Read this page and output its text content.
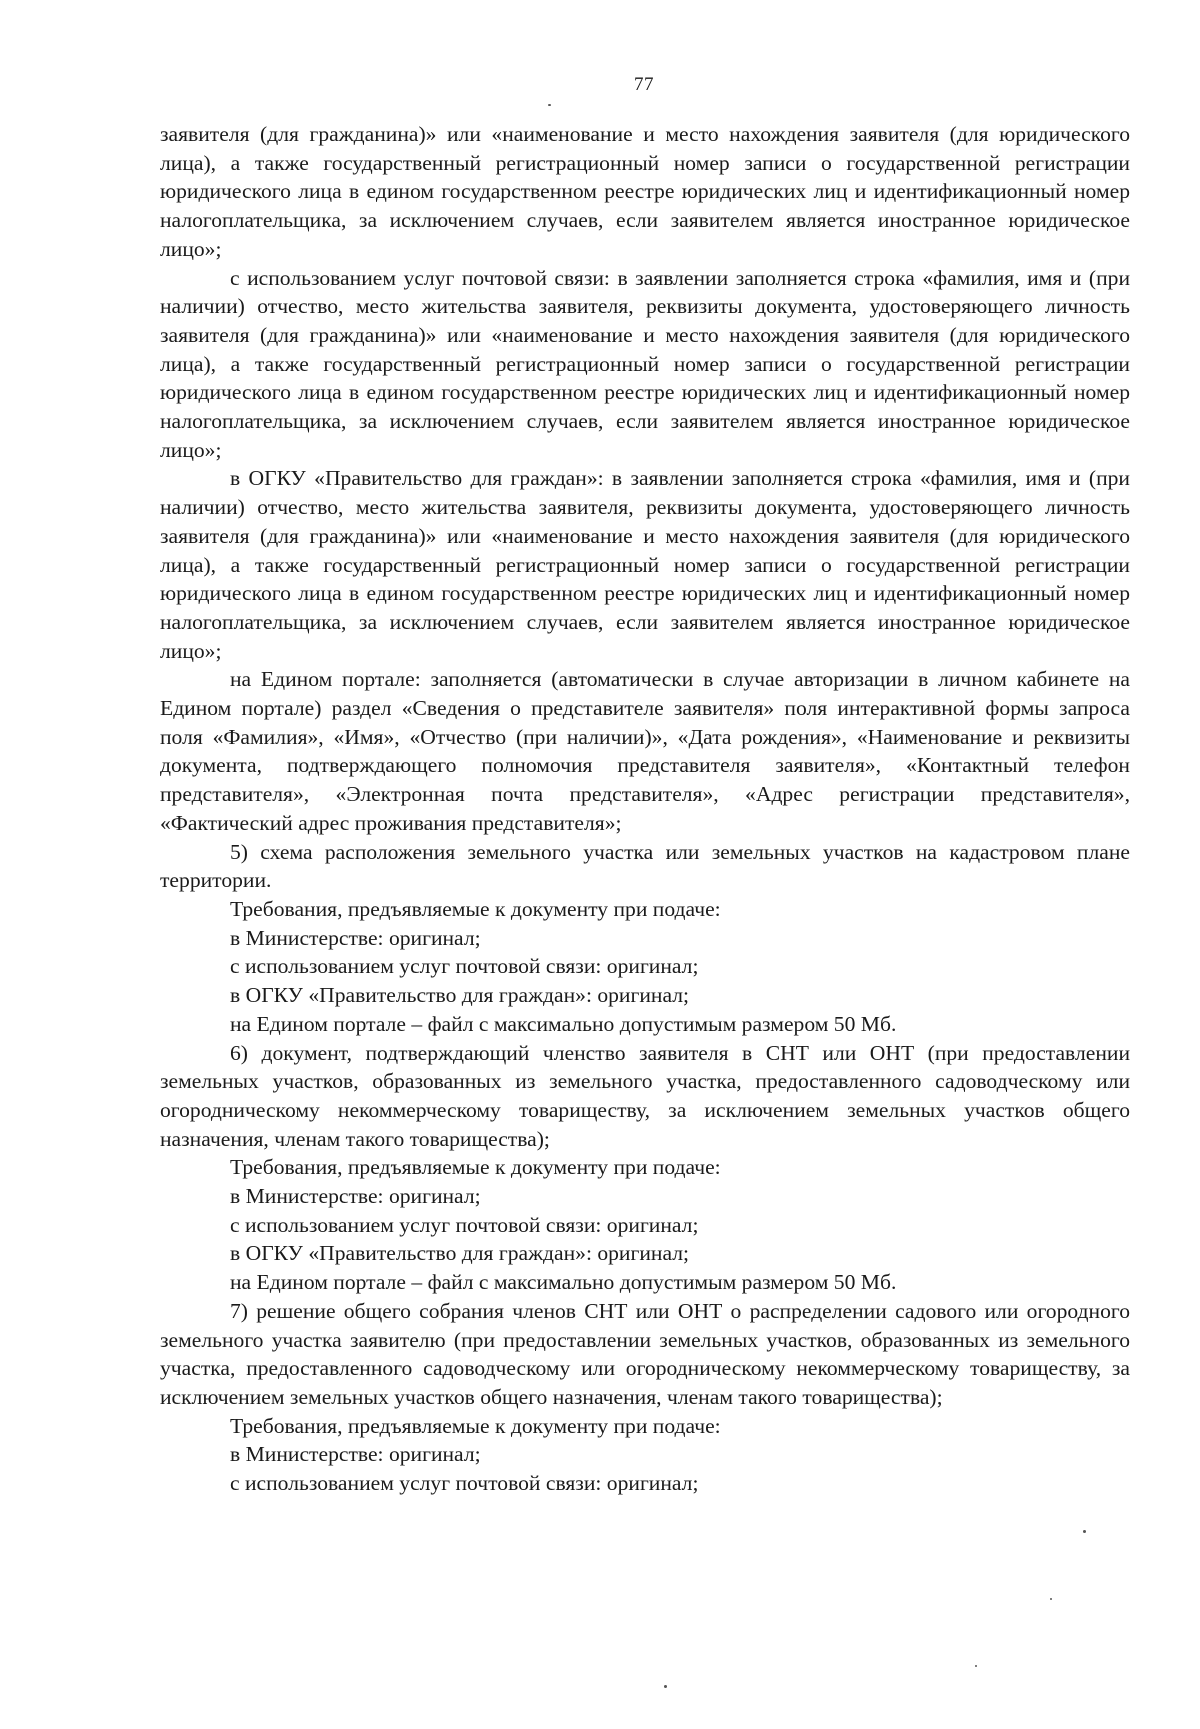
77

заявителя (для гражданина)» или «наименование и место нахождения заявителя (для юридического лица), а также государственный регистрационный номер записи о государственной регистрации юридического лица в едином государственном реестре юридических лиц и идентификационный номер налогоплательщика, за исключением случаев, если заявителем является иностранное юридическое лицо»;

с использованием услуг почтовой связи: в заявлении заполняется строка «фамилия, имя и (при наличии) отчество, место жительства заявителя, реквизиты документа, удостоверяющего личность заявителя (для гражданина)» или «наименование и место нахождения заявителя (для юридического лица), а также государственный регистрационный номер записи о государственной регистрации юридического лица в едином государственном реестре юридических лиц и идентификационный номер налогоплательщика, за исключением случаев, если заявителем является иностранное юридическое лицо»;

в ОГКУ «Правительство для граждан»: в заявлении заполняется строка «фамилия, имя и (при наличии) отчество, место жительства заявителя, реквизиты документа, удостоверяющего личность заявителя (для гражданина)» или «наименование и место нахождения заявителя (для юридического лица), а также государственный регистрационный номер записи о государственной регистрации юридического лица в едином государственном реестре юридических лиц и идентификационный номер налогоплательщика, за исключением случаев, если заявителем является иностранное юридическое лицо»;

на Едином портале: заполняется (автоматически в случае авторизации в личном кабинете на Едином портале) раздел «Сведения о представителе заявителя» поля интерактивной формы запроса поля «Фамилия», «Имя», «Отчество (при наличии)», «Дата рождения», «Наименование и реквизиты документа, подтверждающего полномочия представителя заявителя», «Контактный телефон представителя», «Электронная почта представителя», «Адрес регистрации представителя», «Фактический адрес проживания представителя»;

5) схема расположения земельного участка или земельных участков на кадастровом плане территории.

Требования, предъявляемые к документу при подаче:

в Министерстве: оригинал;

с использованием услуг почтовой связи: оригинал;

в ОГКУ «Правительство для граждан»: оригинал;

на Едином портале – файл с максимально допустимым размером 50 Мб.

6) документ, подтверждающий членство заявителя в СНТ или ОНТ (при предоставлении земельных участков, образованных из земельного участка, предоставленного садоводческому или огородническому некоммерческому товариществу, за исключением земельных участков общего назначения, членам такого товарищества);

Требования, предъявляемые к документу при подаче:

в Министерстве: оригинал;

с использованием услуг почтовой связи: оригинал;

в ОГКУ «Правительство для граждан»: оригинал;

на Едином портале – файл с максимально допустимым размером 50 Мб.

7) решение общего собрания членов СНТ или ОНТ о распределении садового или огородного земельного участка заявителю (при предоставлении земельных участков, образованных из земельного участка, предоставленного садоводческому или огородническому некоммерческому товариществу, за исключением земельных участков общего назначения, членам такого товарищества);

Требования, предъявляемые к документу при подаче:

в Министерстве: оригинал;

с использованием услуг почтовой связи: оригинал;
